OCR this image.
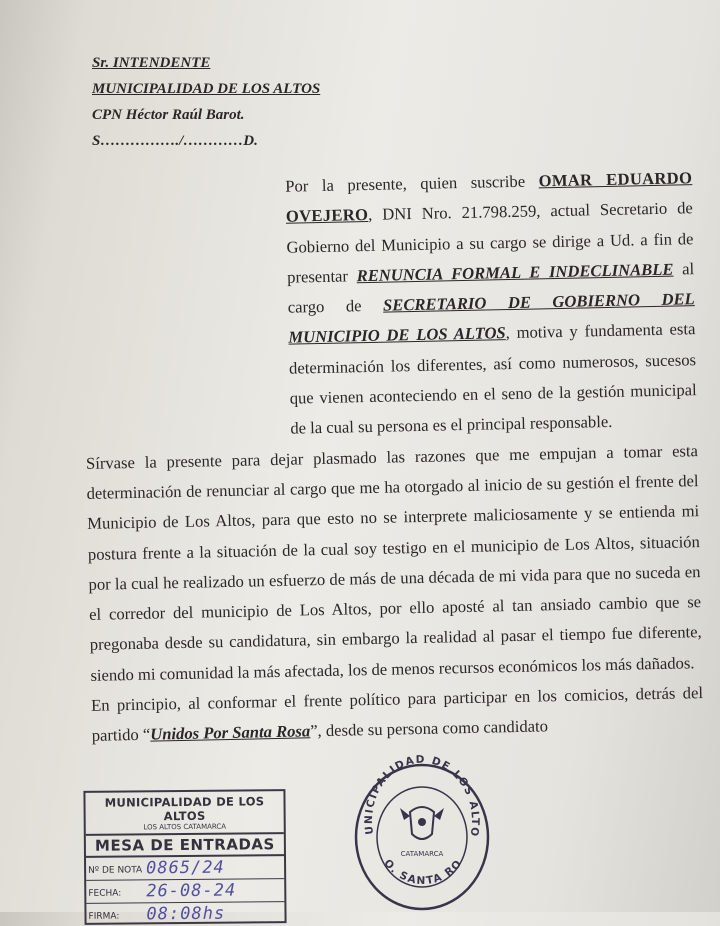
Sr. INTENDENTE
MUNICIPALIDAD DE LOS ALTOS
CPN Héctor Raúl Barot.
S……………./…………D.

Por la presente, quien suscribe OMAR EDUARDO OVEJERO, DNI Nro. 21.798.259, actual Secretario de Gobierno del Municipio a su cargo se dirige a Ud. a fin de presentar RENUNCIA FORMAL E INDECLINABLE al cargo de SECRETARIO DE GOBIERNO DEL MUNICIPIO DE LOS ALTOS, motiva y fundamenta esta determinación los diferentes, así como numerosos, sucesos que vienen aconteciendo en el seno de la gestión municipal de la cual su persona es el principal responsable.

Sírvase la presente para dejar plasmado las razones que me empujan a tomar esta determinación de renunciar al cargo que me ha otorgado al inicio de su gestión el frente del Municipio de Los Altos, para que esto no se interprete maliciosamente y se entienda mi postura frente a la situación de la cual soy testigo en el municipio de Los Altos, situación por la cual he realizado un esfuerzo de más de una década de mi vida para que no suceda en el corredor del municipio de Los Altos, por ello aposté al tan ansiado cambio que se pregonaba desde su candidatura, sin embargo la realidad al pasar el tiempo fue diferente, siendo mi comunidad la más afectada, los de menos recursos económicos los más dañados.

En principio, al conformar el frente político para participar en los comicios, detrás del partido “Unidos Por Santa Rosa”, desde su persona como candidato

MUNICIPALIDAD DE LOS ALTOS
LOS ALTOS CATAMARCA
MESA DE ENTRADAS
Nº DE NOTA 0865/24
FECHA: 26-08-24
FIRMA: 08:08hs
UNICIPALIDAD DE LOS ALTO
O. SANTA RO
CATAMARCA
